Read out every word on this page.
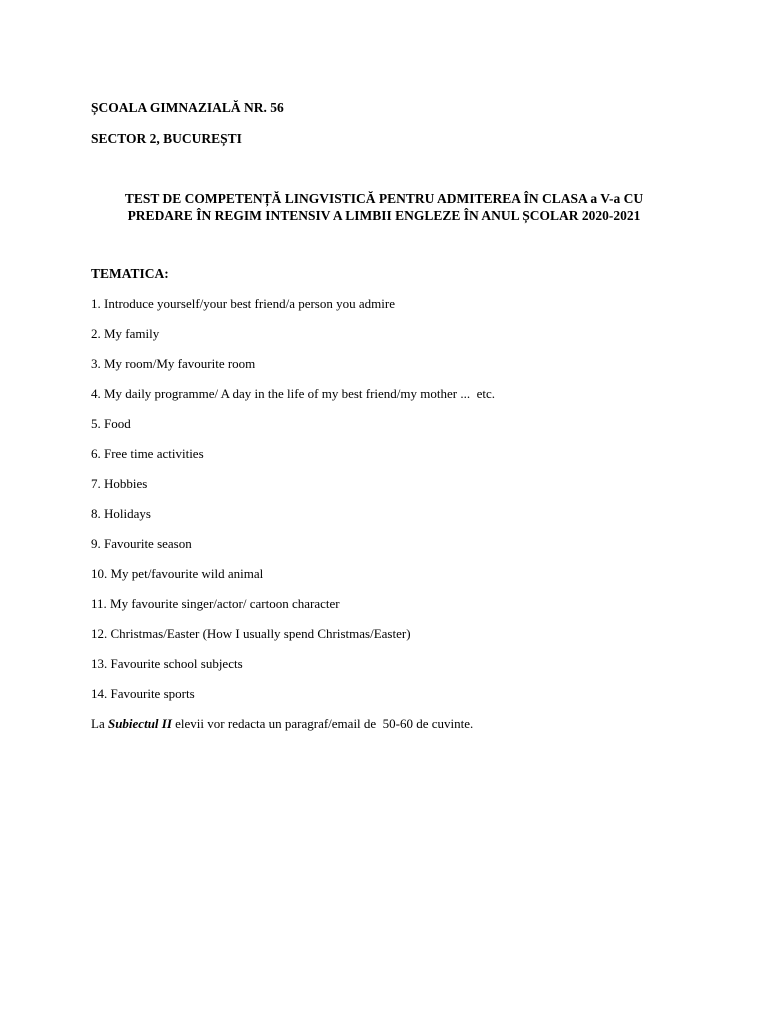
ȘCOALA GIMNAZIALĂ NR. 56
SECTOR 2, BUCUREȘTI
TEST DE COMPETENȚĂ LINGVISTICĂ PENTRU ADMITEREA ÎN CLASA a V-a CU
PREDARE ÎN REGIM INTENSIV A LIMBII ENGLEZE ÎN ANUL ȘCOLAR 2020-2021
TEMATICA:
1. Introduce yourself/your best friend/a person you admire
2. My family
3. My room/My favourite room
4. My daily programme/ A day in the life of my best friend/my mother ...  etc.
5. Food
6. Free time activities
7. Hobbies
8. Holidays
9. Favourite season
10. My pet/favourite wild animal
11. My favourite singer/actor/ cartoon character
12. Christmas/Easter (How I usually spend Christmas/Easter)
13. Favourite school subjects
14. Favourite sports
La Subiectul II elevii vor redacta un paragraf/email de  50-60 de cuvinte.
